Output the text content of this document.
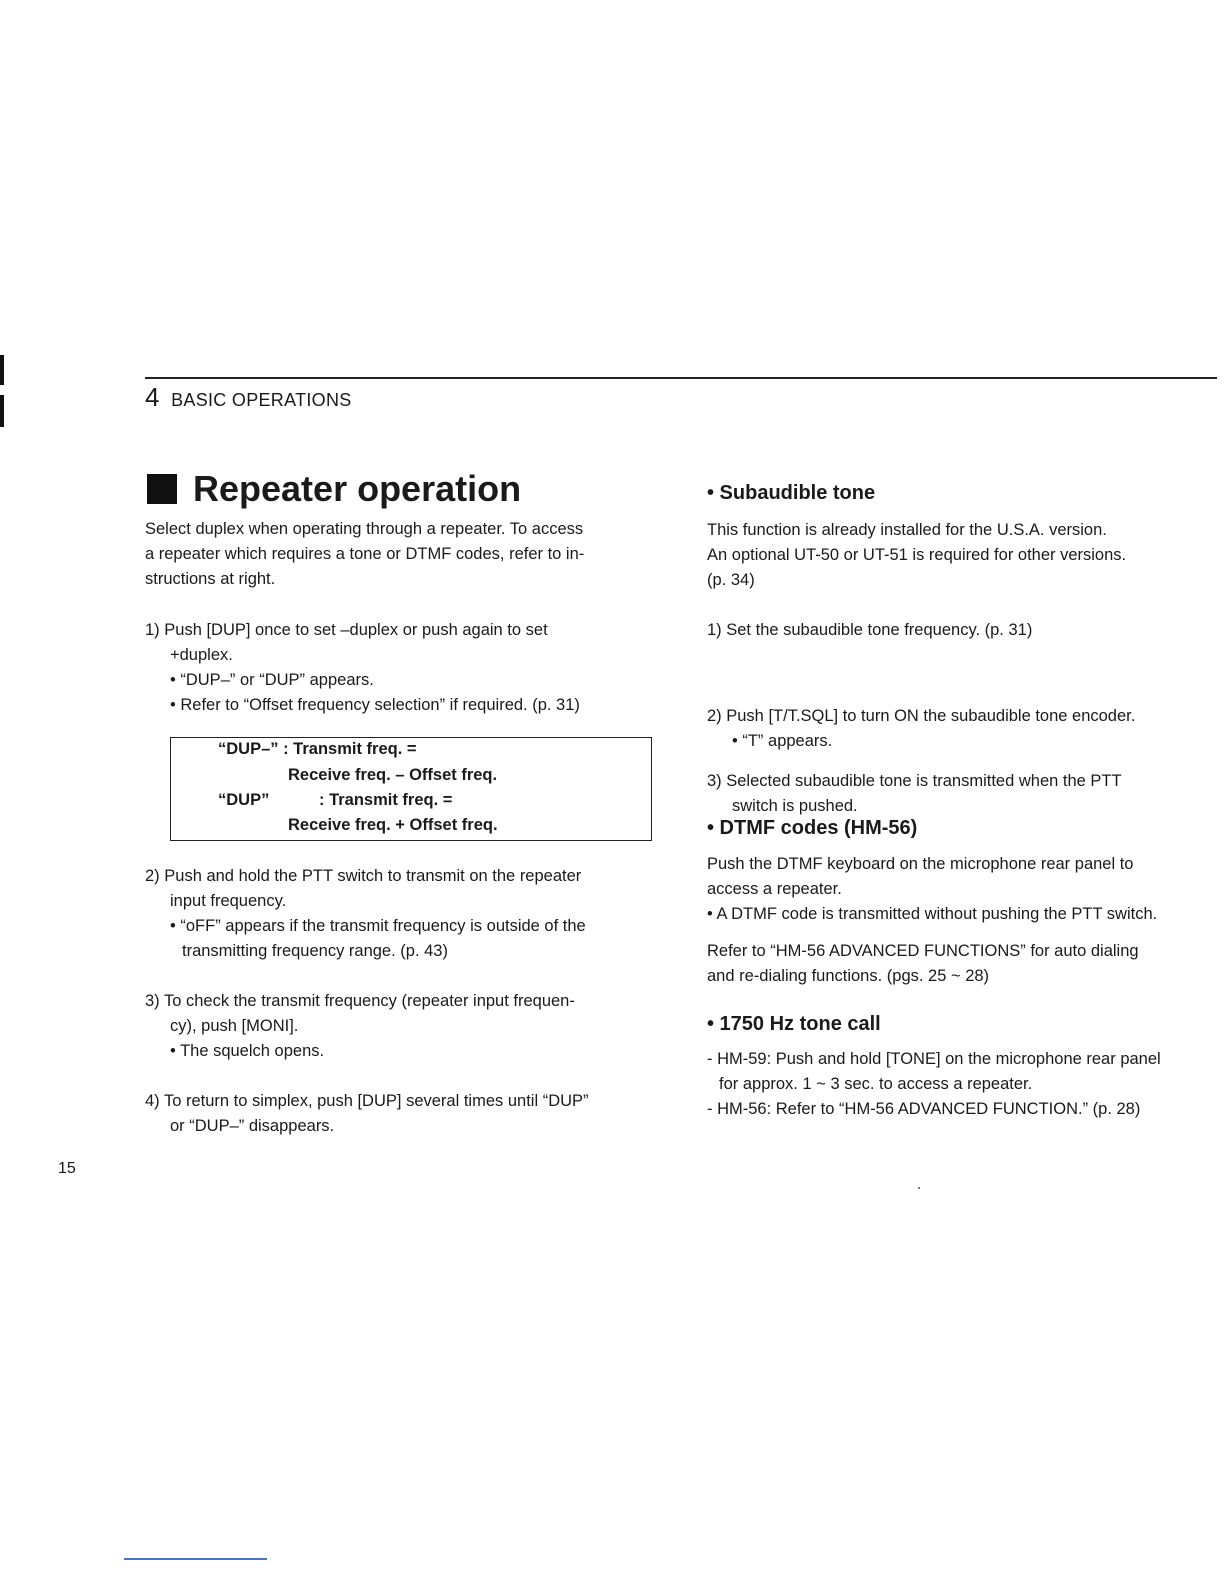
4 BASIC OPERATIONS
Repeater operation
Select duplex when operating through a repeater. To access
a repeater which requires a tone or DTMF codes, refer to in-
structions at right.
1) Push [DUP] once to set –duplex or push again to set
+duplex.
• “DUP–” or “DUP” appears.
• Refer to “Offset frequency selection” if required. (p. 31)
“DUP–” : Transmit freq. =
Receive freq. – Offset freq.
“DUP”	: Transmit freq. =
Receive freq. + Offset freq.
2) Push and hold the PTT switch to transmit on the repeater
input frequency.
• “oFF” appears if the transmit frequency is outside of the
transmitting frequency range. (p. 43)
3) To check the transmit frequency (repeater input frequen-
cy), push [MONI].
• The squelch opens.
4) To return to simplex, push [DUP] several times until “DUP”
or “DUP–” disappears.
• Subaudible tone
This function is already installed for the U.S.A. version.
An optional UT-50 or UT-51 is required for other versions.
(p. 34)
1) Set the subaudible tone frequency. (p. 31)
2) Push [T/T.SQL] to turn ON the subaudible tone encoder.
• “T” appears.
3) Selected subaudible tone is transmitted when the PTT
switch is pushed.
• DTMF codes (HM-56)
Push the DTMF keyboard on the microphone rear panel to
access a repeater.
• A DTMF code is transmitted without pushing the PTT switch.
Refer to “HM-56 ADVANCED FUNCTIONS” for auto dialing
and re-dialing functions. (pgs. 25 ~ 28)
• 1750 Hz tone call
- HM-59: Push and hold [TONE] on the microphone rear panel
for approx. 1 ~ 3 sec. to access a repeater.
- HM-56: Refer to “HM-56 ADVANCED FUNCTION.” (p. 28)
15
